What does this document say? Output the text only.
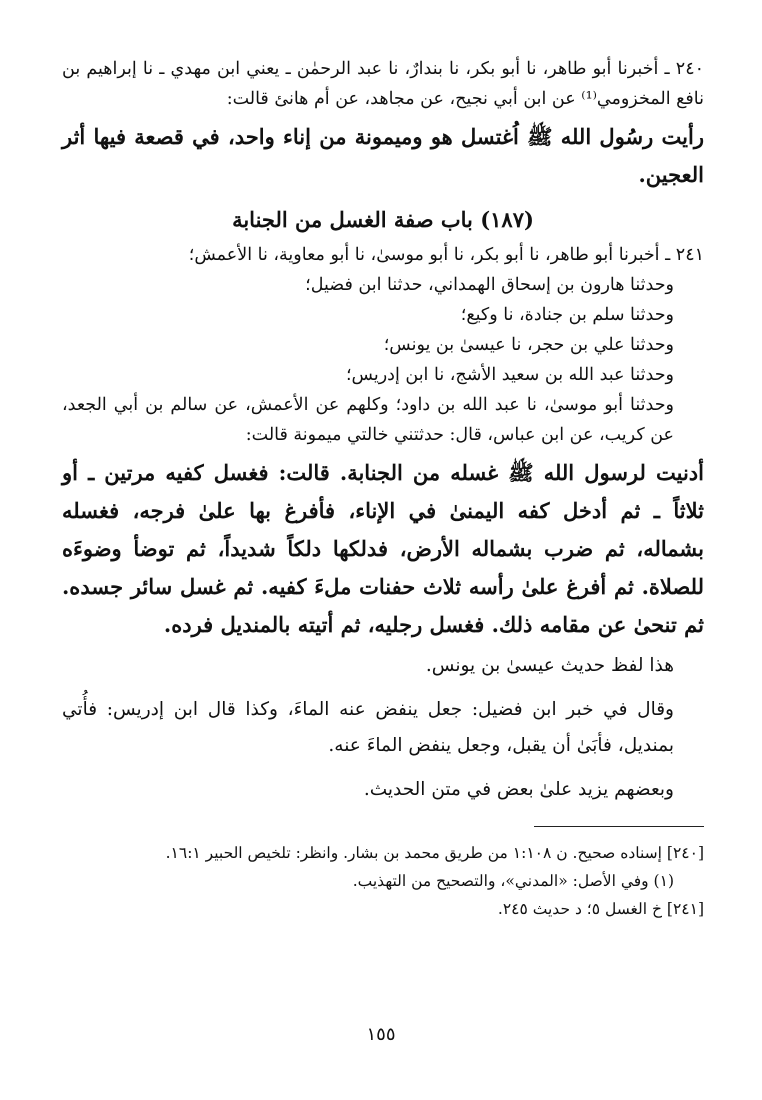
٢٤٠ ـ أخبرنا أبو طاهر، نا أبو بكر، نا بندارٌ، نا عبد الرحمٰن ـ يعني ابن مهدي ـ نا إبراهيم بن نافع المخزومي⁽¹⁾ عن ابن أبي نجيح، عن مجاهد، عن أم هانئ قالت:

رأيت رسُول الله ﷺ اُغتسل هو وميمونة من إناء واحد، في قصعة فيها أثر العجين.

(١٨٧) باب صفة الغسل من الجنابة

٢٤١ ـ أخبرنا أبو طاهر، نا أبو بكر، نا أبو موسىٰ، نا أبو معاوية، نا الأعمش؛

وحدثنا هارون بن إسحاق الهمداني، حدثنا ابن فضيل؛

وحدثنا سلم بن جنادة، نا وكيع؛

وحدثنا علي بن حجر، نا عيسىٰ بن يونس؛

وحدثنا عبد الله بن سعيد الأشج، نا ابن إدريس؛

وحدثنا أبو موسىٰ، نا عبد الله بن داود؛ وكلهم عن الأعمش، عن سالم بن أبي الجعد، عن كريب، عن ابن عباس، قال: حدثتني خالتي ميمونة قالت:

أدنيت لرسول الله ﷺ غسله من الجنابة. قالت: فغسل كفيه مرتين ـ أو ثلاثاً ـ ثم أدخل كفه اليمنىٰ في الإناء، فأفرغ بها علىٰ فرجه، فغسله بشماله، ثم ضرب بشماله الأرض، فدلكها دلكاً شديداً، ثم توضأ وضوءَه للصلاة. ثم أفرغ علىٰ رأسه ثلاث حفنات ملءَ كفيه. ثم غسل سائر جسده. ثم تنحىٰ عن مقامه ذلك. فغسل رجليه، ثم أتيته بالمنديل فرده.

هذا لفظ حديث عيسىٰ بن يونس.

وقال في خبر ابن فضيل: جعل ينفض عنه الماءَ، وكذا قال ابن إدريس: فأُتي بمنديل، فأبَىٰ أن يقبل، وجعل ينفض الماءَ عنه.

وبعضهم يزيد علىٰ بعض في متن الحديث.

[٢٤٠] إسناده صحيح. ن ١:١٠٨ من طريق محمد بن بشار. وانظر: تلخيص الحبير ١٦:١.

(١) وفي الأصل: «المدني»، والتصحيح من التهذيب.

[٢٤١] خ الغسل ٥؛ د حديث ٢٤٥.

١٥٥
